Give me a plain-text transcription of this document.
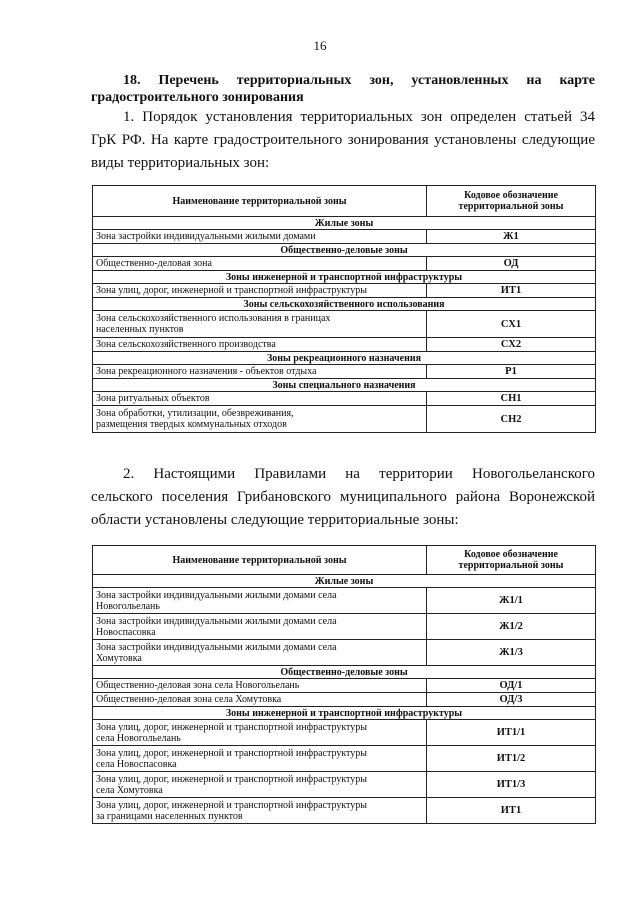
16
18. Перечень территориальных зон, установленных на карте
градостроительного зонирования
1. Порядок установления территориальных зон определен статьей 34
ГрК РФ. На карте градостроительного зонирования установлены следующие
виды территориальных зон:
Наименование территориальной зоны	Кодовое обозначение
территориальной зоны
Жилые зоны	
Зона застройки индивидуальными жилыми домами	Ж1
Общественно-деловые зоны	
Общественно-деловая зона	ОД
Зоны инженерной и транспортной инфраструктуры	
Зона улиц, дорог, инженерной и транспортной инфраструктуры	ИТ1
Зоны сельскохозяйственного использования	
Зона сельскохозяйственного использования в границах
населенных пунктов	СХ1
Зона сельскохозяйственного производства	СХ2
Зоны рекреационного назначения	
Зона рекреационного назначения - объектов отдыха	Р1
Зоны специального назначения	
Зона ритуальных объектов	СН1
Зона обработки, утилизации, обезвреживания,
размещения твердых коммунальных отходов	СН2
2. Настоящими Правилами на территории Новогольеланского
сельского поселения Грибановского муниципального района Воронежской
области установлены следующие территориальные зоны:
Наименование территориальной зоны	Кодовое обозначение
территориальной зоны
Жилые зоны	
Зона застройки индивидуальными жилыми домами села
Новогольелань	Ж1/1
Зона застройки индивидуальными жилыми домами села
Новоспасовка	Ж1/2
Зона застройки индивидуальными жилыми домами села
Хомутовка	Ж1/3
Общественно-деловые зоны	
Общественно-деловая зона села Новогольелань	ОД/1
Общественно-деловая зона села Хомутовка	ОД/3
Зоны инженерной и транспортной инфраструктуры	
Зона улиц, дорог, инженерной и транспортной инфраструктуры
села Новогольелань	ИТ1/1
Зона улиц, дорог, инженерной и транспортной инфраструктуры
села Новоспасовка	ИТ1/2
Зона улиц, дорог, инженерной и транспортной инфраструктуры
села Хомутовка	ИТ1/3
Зона улиц, дорог, инженерной и транспортной инфраструктуры
за границами населенных пунктов	ИТ1
